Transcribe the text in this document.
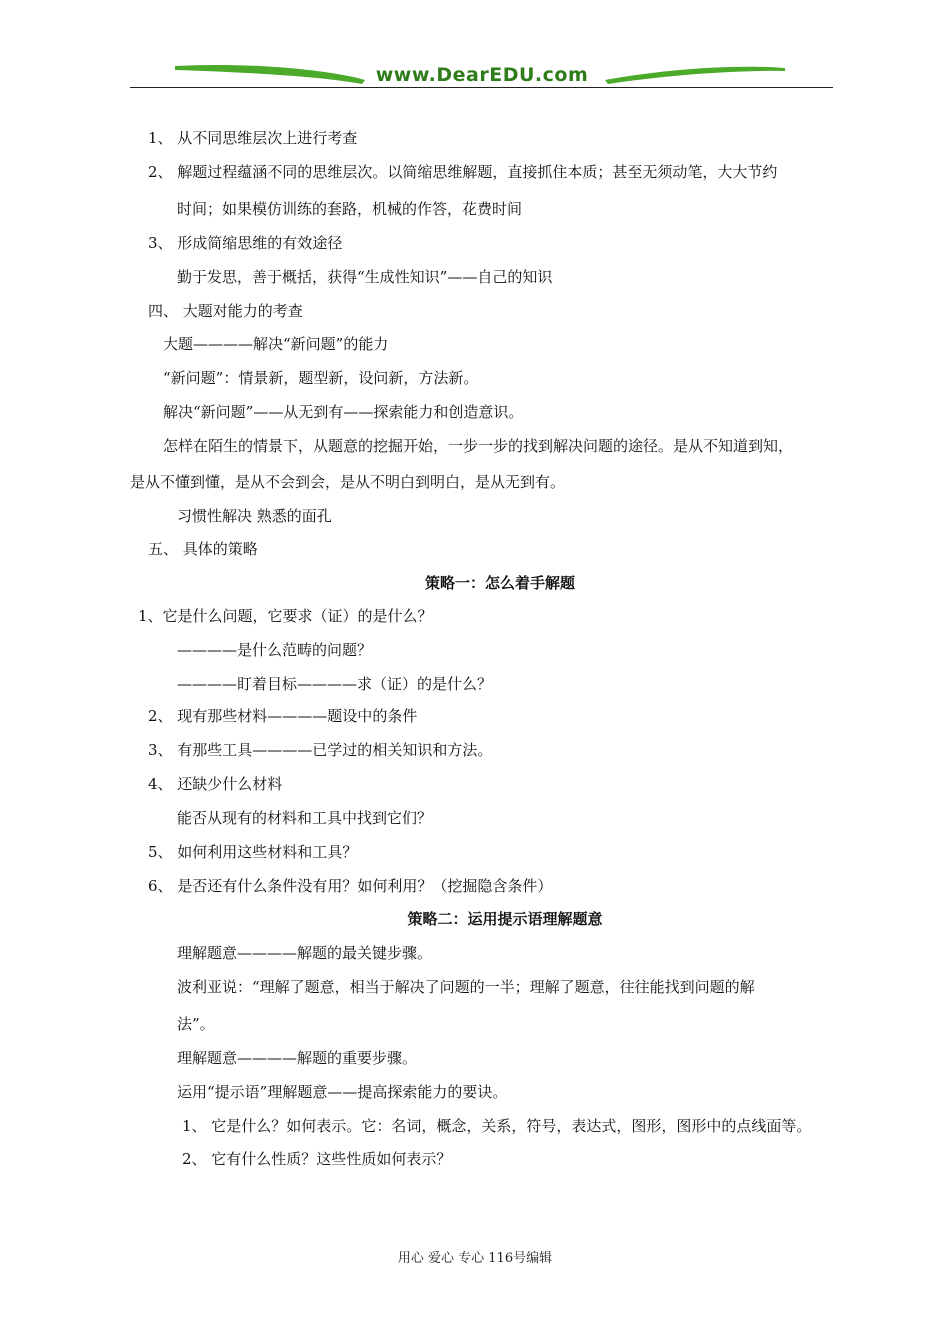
www.DearEDU.com
1、 从不同思维层次上进行考查
2、 解题过程蕴涵不同的思维层次。以简缩思维解题，直接抓住本质；甚至无须动笔，大大节约
时间；如果模仿训练的套路，机械的作答，花费时间
3、 形成简缩思维的有效途径
勤于发思，善于概括，获得“生成性知识”——自己的知识
四、 大题对能力的考查
大题————解决“新问题”的能力
“新问题”：情景新，题型新，设问新，方法新。
解决“新问题”——从无到有——探索能力和创造意识。
怎样在陌生的情景下，从题意的挖掘开始，一步一步的找到解决问题的途径。是从不知道到知，
是从不懂到懂，是从不会到会，是从不明白到明白，是从无到有。
习惯性解决 熟悉的面孔
五、 具体的策略
策略一：怎么着手解题
1、它是什么问题，它要求（证）的是什么？
————是什么范畴的问题？
————盯着目标————求（证）的是什么？
2、 现有那些材料————题设中的条件
3、 有那些工具————已学过的相关知识和方法。
4、 还缺少什么材料
能否从现有的材料和工具中找到它们？
5、 如何利用这些材料和工具？
6、 是否还有什么条件没有用？如何利用？（挖掘隐含条件）
策略二：运用提示语理解题意
理解题意————解题的最关键步骤。
波利亚说：“理解了题意，相当于解决了问题的一半；理解了题意，往往能找到问题的解
法”。
理解题意————解题的重要步骤。
运用“提示语”理解题意——提高探索能力的要诀。
1、 它是什么？如何表示。它：名词，概念，关系，符号，表达式，图形，图形中的点线面等。
2、 它有什么性质？这些性质如何表示？
用心 爱心 专心 116号编辑
